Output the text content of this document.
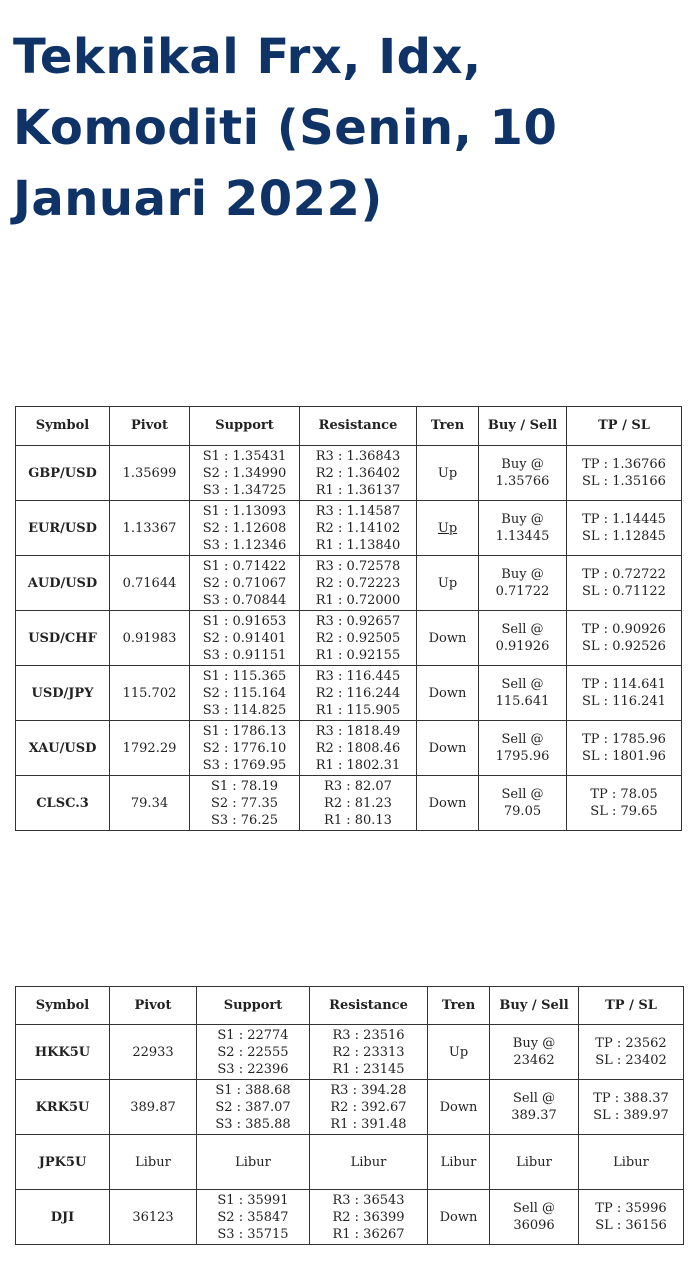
Teknikal Frx, Idx,
Komoditi (Senin, 10
Januari 2022)
Symbol	Pivot	Support	Resistance	Tren	Buy / Sell	TP / SL
GBP/USD	1.35699	S1 : 1.35431
S2 : 1.34990
S3 : 1.34725	R3 : 1.36843
R2 : 1.36402
R1 : 1.36137	Up	Buy @
1.35766	TP : 1.36766
SL : 1.35166

EUR/USD	1.13367	S1 : 1.13093
S2 : 1.12608
S3 : 1.12346	R3 : 1.14587
R2 : 1.14102
R1 : 1.13840	Up	Buy @
1.13445	TP : 1.14445
SL : 1.12845

AUD/USD	0.71644	S1 : 0.71422
S2 : 0.71067
S3 : 0.70844	R3 : 0.72578
R2 : 0.72223
R1 : 0.72000	Up	Buy @
0.71722	TP : 0.72722
SL : 0.71122

USD/CHF	0.91983	S1 : 0.91653
S2 : 0.91401
S3 : 0.91151	R3 : 0.92657
R2 : 0.92505
R1 : 0.92155	Down	Sell @
0.91926	TP : 0.90926
SL : 0.92526

USD/JPY	115.702	S1 : 115.365
S2 : 115.164
S3 : 114.825	R3 : 116.445
R2 : 116.244
R1 : 115.905	Down	Sell @
115.641	TP : 114.641
SL : 116.241

XAU/USD	1792.29	S1 : 1786.13
S2 : 1776.10
S3 : 1769.95	R3 : 1818.49
R2 : 1808.46
R1 : 1802.31	Down	Sell @
1795.96	TP : 1785.96
SL : 1801.96

CLSC.3	79.34	S1 : 78.19
S2 : 77.35
S3 : 76.25	R3 : 82.07
R2 : 81.23
R1 : 80.13	Down	Sell @
79.05	TP : 78.05
SL : 79.65
Symbol	Pivot	Support	Resistance	Tren	Buy / Sell	TP / SL
HKK5U	22933	S1 : 22774
S2 : 22555
S3 : 22396	R3 : 23516
R2 : 23313
R1 : 23145	Up	Buy @
23462	TP : 23562
SL : 23402

KRK5U	389.87	S1 : 388.68
S2 : 387.07
S3 : 385.88	R3 : 394.28
R2 : 392.67
R1 : 391.48	Down	Sell @
389.37	TP : 388.37
SL : 389.97

JPK5U	Libur	Libur	Libur	Libur	Libur	Libur
DJI	36123	S1 : 35991
S2 : 35847
S3 : 35715	R3 : 36543
R2 : 36399
R1 : 36267	Down	Sell @
36096	TP : 35996
SL : 36156
